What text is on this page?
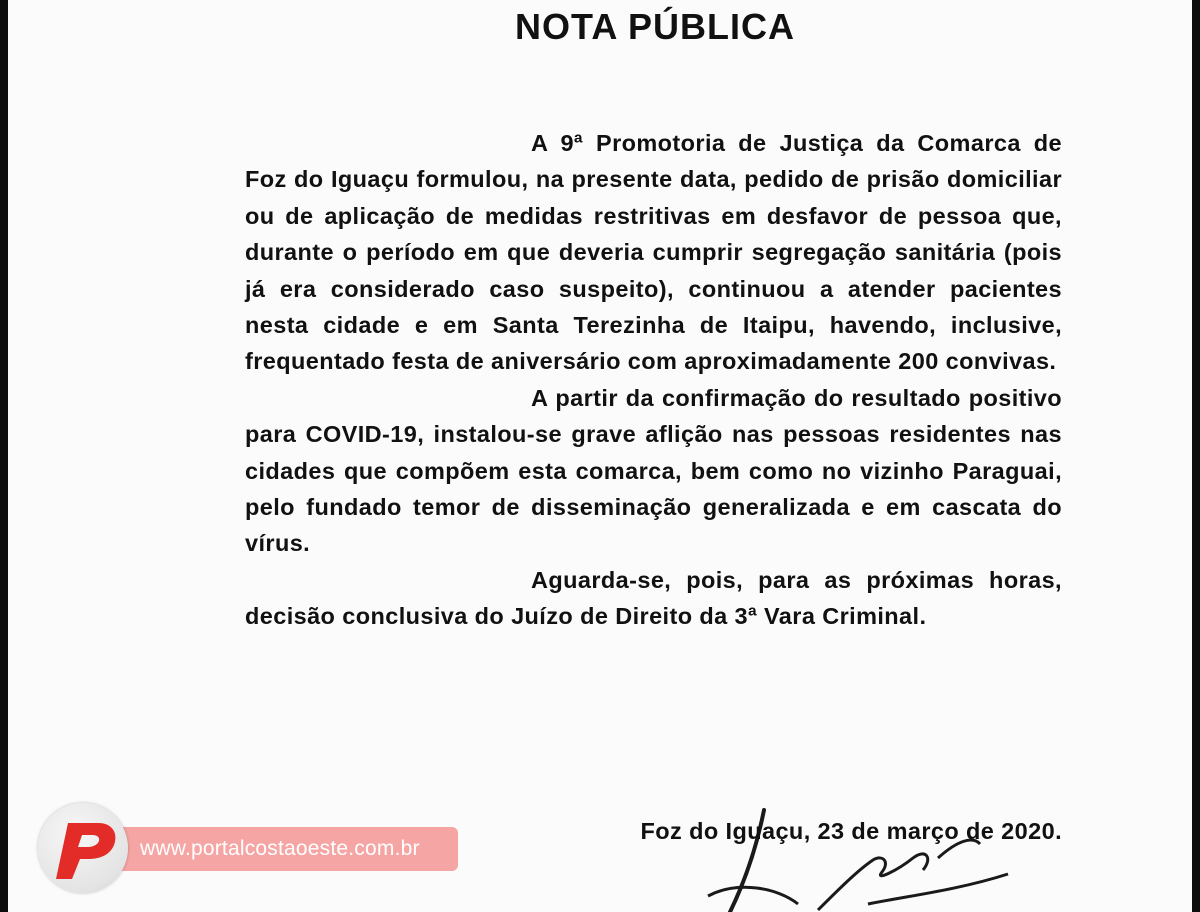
NOTA PÚBLICA

A 9ª Promotoria de Justiça da Comarca de Foz do Iguaçu formulou, na presente data, pedido de prisão domiciliar ou de aplicação de medidas restritivas em desfavor de pessoa que, durante o período em que deveria cumprir segregação sanitária (pois já era considerado caso suspeito), continuou a atender pacientes nesta cidade e em Santa Terezinha de Itaipu, havendo, inclusive, frequentado festa de aniversário com aproximadamente 200 convivas.

A partir da confirmação do resultado positivo para COVID-19, instalou-se grave aflição nas pessoas residentes nas cidades que compõem esta comarca, bem como no vizinho Paraguai, pelo fundado temor de disseminação generalizada e em cascata do vírus.

Aguarda-se, pois, para as próximas horas, decisão conclusiva do Juízo de Direito da 3ª Vara Criminal.

Foz do Iguaçu, 23 de março de 2020.
www.portalcostaoeste.com.br
